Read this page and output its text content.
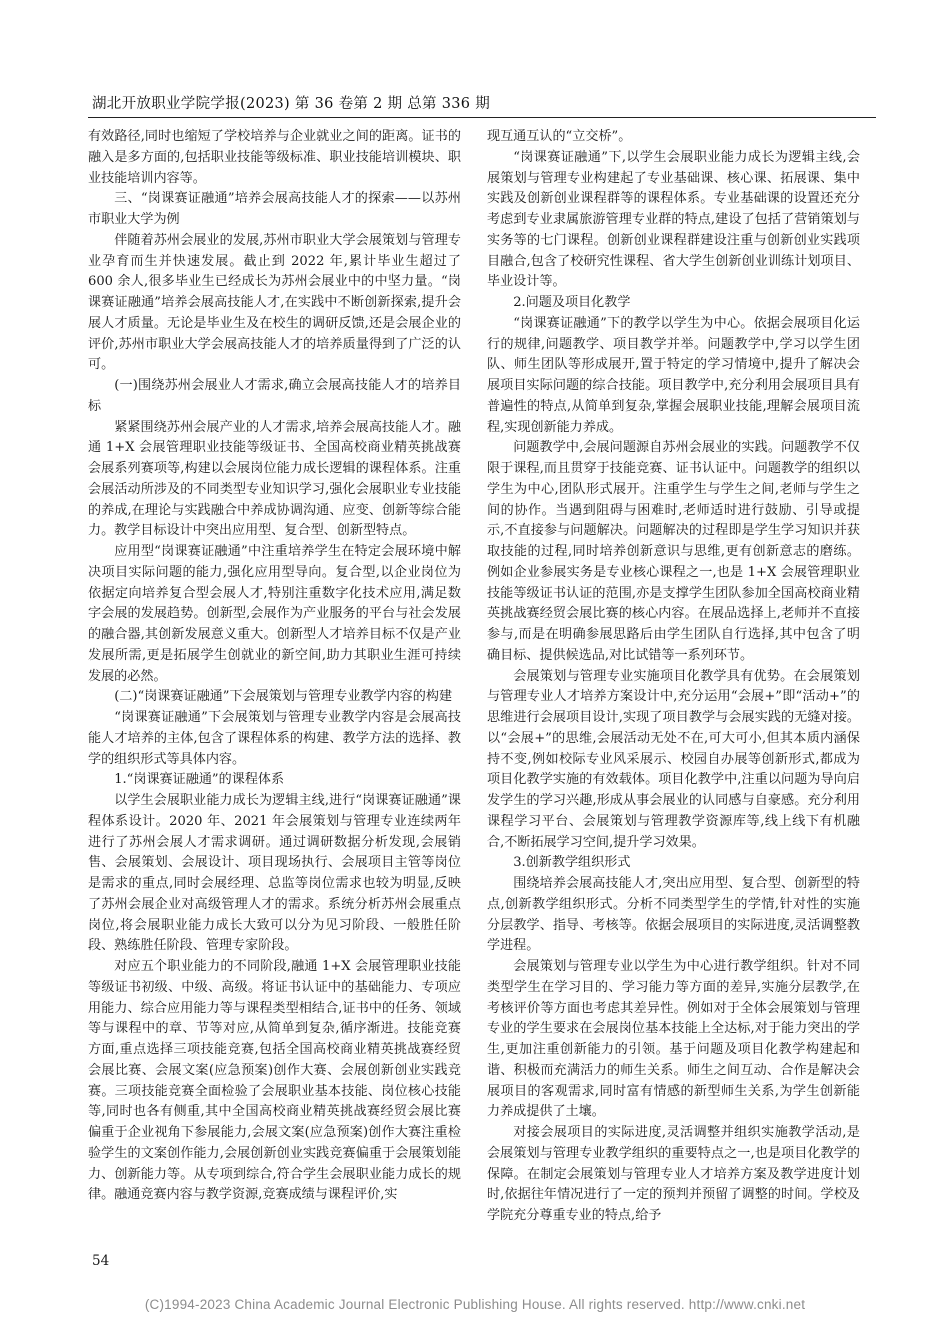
湖北开放职业学院学报(2023) 第 36 卷第 2 期 总第 336 期

有效路径,同时也缩短了学校培养与企业就业之间的距离。证书的融入是多方面的,包括职业技能等级标准、职业技能培训模块、职业技能培训内容等。

三、“岗课赛证融通”培养会展高技能人才的探索——以苏州市职业大学为例

伴随着苏州会展业的发展,苏州市职业大学会展策划与管理专业孕育而生并快速发展。截止到 2022 年,累计毕业生超过了 600 余人,很多毕业生已经成长为苏州会展业中的中坚力量。“岗课赛证融通”培养会展高技能人才,在实践中不断创新探索,提升会展人才质量。无论是毕业生及在校生的调研反馈,还是会展企业的评价,苏州市职业大学会展高技能人才的培养质量得到了广泛的认可。

(一)围绕苏州会展业人才需求,确立会展高技能人才的培养目标

紧紧围绕苏州会展产业的人才需求,培养会展高技能人才。融通 1+X 会展管理职业技能等级证书、全国高校商业精英挑战赛会展系列赛项等,构建以会展岗位能力成长逻辑的课程体系。注重会展活动所涉及的不同类型专业知识学习,强化会展职业专业技能的养成,在理论与实践融合中养成协调沟通、应变、创新等综合能力。教学目标设计中突出应用型、复合型、创新型特点。

应用型“岗课赛证融通”中注重培养学生在特定会展环境中解决项目实际问题的能力,强化应用型导向。复合型,以企业岗位为依据定向培养复合型会展人才,特别注重数字化技术应用,满足数字会展的发展趋势。创新型,会展作为产业服务的平台与社会发展的融合器,其创新发展意义重大。创新型人才培养目标不仅是产业发展所需,更是拓展学生创就业的新空间,助力其职业生涯可持续发展的必然。

(二)“岗课赛证融通”下会展策划与管理专业教学内容的构建

“岗课赛证融通”下会展策划与管理专业教学内容是会展高技能人才培养的主体,包含了课程体系的构建、教学方法的选择、教学的组织形式等具体内容。

1.“岗课赛证融通”的课程体系

以学生会展职业能力成长为逻辑主线,进行“岗课赛证融通”课程体系设计。2020 年、2021 年会展策划与管理专业连续两年进行了苏州会展人才需求调研。通过调研数据分析发现,会展销售、会展策划、会展设计、项目现场执行、会展项目主管等岗位是需求的重点,同时会展经理、总监等岗位需求也较为明显,反映了苏州会展企业对高级管理人才的需求。系统分析苏州会展重点岗位,将会展职业能力成长大致可以分为见习阶段、一般胜任阶段、熟练胜任阶段、管理专家阶段。

对应五个职业能力的不同阶段,融通 1+X 会展管理职业技能等级证书初级、中级、高级。将证书认证中的基础能力、专项应用能力、综合应用能力等与课程类型相结合,证书中的任务、领域等与课程中的章、节等对应,从简单到复杂,循序渐进。技能竞赛方面,重点选择三项技能竞赛,包括全国高校商业精英挑战赛经贸会展比赛、会展文案(应急预案)创作大赛、会展创新创业实践竞赛。三项技能竞赛全面检验了会展职业基本技能、岗位核心技能等,同时也各有侧重,其中全国高校商业精英挑战赛经贸会展比赛偏重于企业视角下参展能力,会展文案(应急预案)创作大赛注重检验学生的文案创作能力,会展创新创业实践竞赛偏重于会展策划能力、创新能力等。从专项到综合,符合学生会展职业能力成长的规律。融通竞赛内容与教学资源,竞赛成绩与课程评价,实

现互通互认的“立交桥”。

“岗课赛证融通”下,以学生会展职业能力成长为逻辑主线,会展策划与管理专业构建起了专业基础课、核心课、拓展课、集中实践及创新创业课程群等的课程体系。专业基础课的设置还充分考虑到专业隶属旅游管理专业群的特点,建设了包括了营销策划与实务等的七门课程。创新创业课程群建设注重与创新创业实践项目融合,包含了校研究性课程、省大学生创新创业训练计划项目、毕业设计等。

2.问题及项目化教学

“岗课赛证融通”下的教学以学生为中心。依据会展项目化运行的规律,问题教学、项目教学并举。问题教学中,学习以学生团队、师生团队等形成展开,置于特定的学习情境中,提升了解决会展项目实际问题的综合技能。项目教学中,充分利用会展项目具有普遍性的特点,从简单到复杂,掌握会展职业技能,理解会展项目流程,实现创新能力养成。

问题教学中,会展问题源自苏州会展业的实践。问题教学不仅限于课程,而且贯穿于技能竞赛、证书认证中。问题教学的组织以学生为中心,团队形式展开。注重学生与学生之间,老师与学生之间的协作。当遇到阻碍与困难时,老师适时进行鼓励、引导或提示,不直接参与问题解决。问题解决的过程即是学生学习知识并获取技能的过程,同时培养创新意识与思维,更有创新意志的磨练。例如企业参展实务是专业核心课程之一,也是 1+X 会展管理职业技能等级证书认证的范围,亦是支撑学生团队参加全国高校商业精英挑战赛经贸会展比赛的核心内容。在展品选择上,老师并不直接参与,而是在明确参展思路后由学生团队自行选择,其中包含了明确目标、提供候选品,对比试错等一系列环节。

会展策划与管理专业实施项目化教学具有优势。在会展策划与管理专业人才培养方案设计中,充分运用“会展+”即“活动+”的思维进行会展项目设计,实现了项目教学与会展实践的无缝对接。以“会展+”的思维,会展活动无处不在,可大可小,但其本质内涵保持不变,例如校际专业风采展示、校园自办展等创新形式,都成为项目化教学实施的有效载体。项目化教学中,注重以问题为导向启发学生的学习兴趣,形成从事会展业的认同感与自豪感。充分利用课程学习平台、会展策划与管理教学资源库等,线上线下有机融合,不断拓展学习空间,提升学习效果。

3.创新教学组织形式

围绕培养会展高技能人才,突出应用型、复合型、创新型的特点,创新教学组织形式。分析不同类型学生的学情,针对性的实施分层教学、指导、考核等。依据会展项目的实际进度,灵活调整教学进程。

会展策划与管理专业以学生为中心进行教学组织。针对不同类型学生在学习目的、学习能力等方面的差异,实施分层教学,在考核评价等方面也考虑其差异性。例如对于全体会展策划与管理专业的学生要求在会展岗位基本技能上全达标,对于能力突出的学生,更加注重创新能力的引领。基于问题及项目化教学构建起和谐、积极而充满活力的师生关系。师生之间互动、合作是解决会展项目的客观需求,同时富有情感的新型师生关系,为学生创新能力养成提供了土壤。

对接会展项目的实际进度,灵活调整并组织实施教学活动,是会展策划与管理专业教学组织的重要特点之一,也是项目化教学的保障。在制定会展策划与管理专业人才培养方案及教学进度计划时,依据往年情况进行了一定的预判并预留了调整的时间。学校及学院充分尊重专业的特点,给予

54
(C)1994-2023 China Academic Journal Electronic Publishing House. All rights reserved. http://www.cnki.net
